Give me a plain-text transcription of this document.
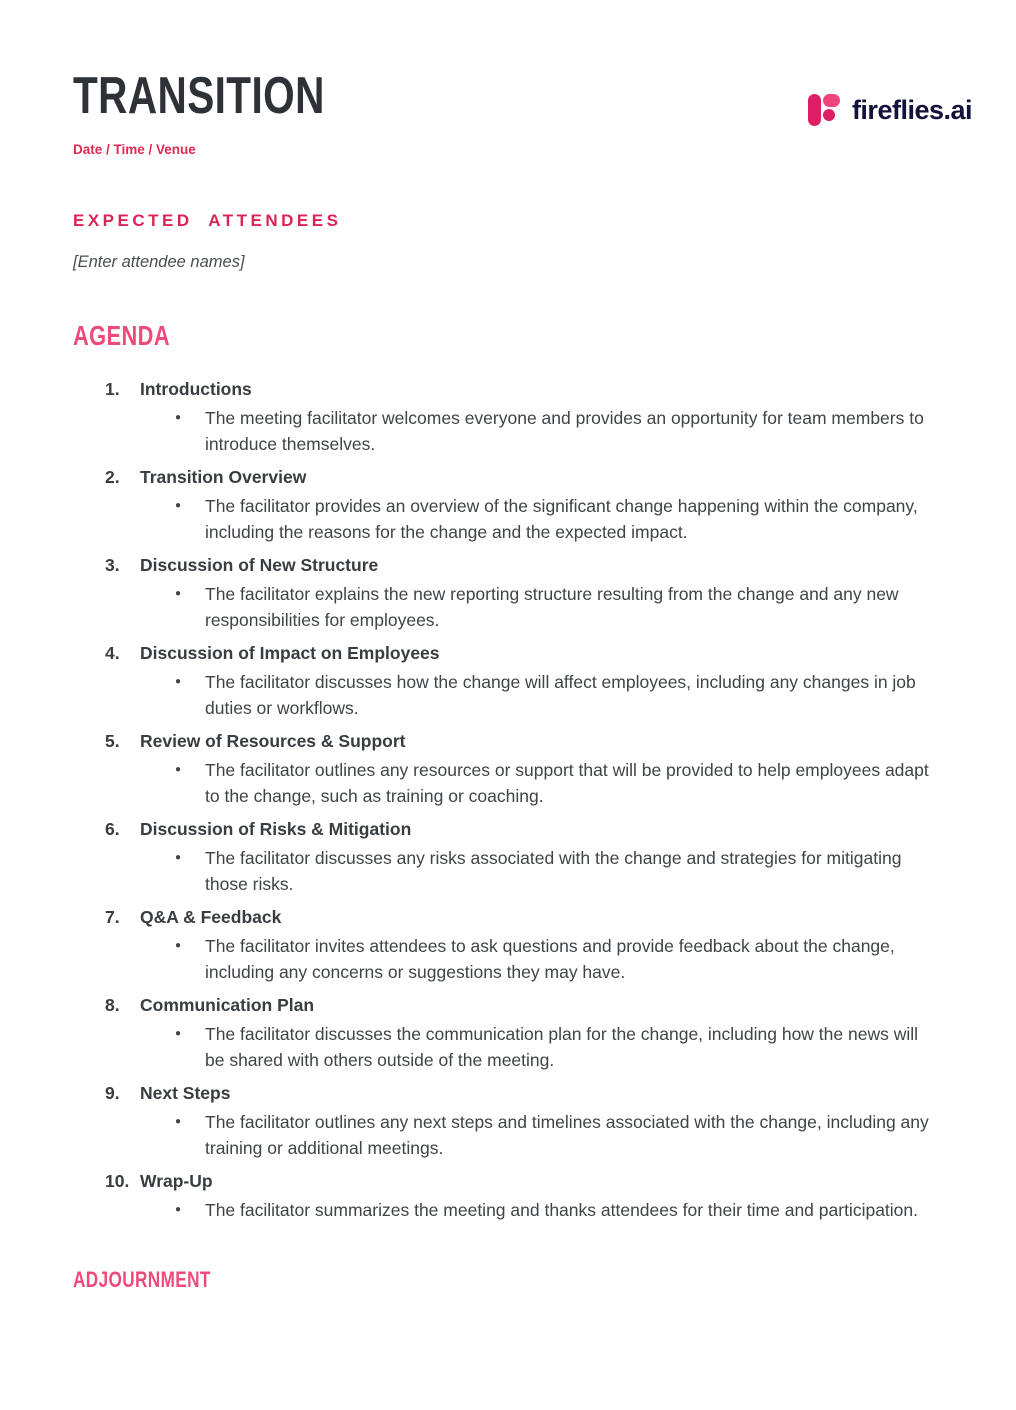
fireflies.ai
TRANSITION
Date / Time / Venue
EXPECTED ATTENDEES
[Enter attendee names]
AGENDA
1.	Introductions
●	The meeting facilitator welcomes everyone and provides an opportunity for team members to introduce themselves.
2.	Transition Overview
●	The facilitator provides an overview of the significant change happening within the company, including the reasons for the change and the expected impact.
3.	Discussion of New Structure
●	The facilitator explains the new reporting structure resulting from the change and any new responsibilities for employees.
4.	Discussion of Impact on Employees
●	The facilitator discusses how the change will affect employees, including any changes in job duties or workflows.
5.	Review of Resources & Support
●	The facilitator outlines any resources or support that will be provided to help employees adapt to the change, such as training or coaching.
6.	Discussion of Risks & Mitigation
●	The facilitator discusses any risks associated with the change and strategies for mitigating those risks.
7.	Q&A & Feedback
●	The facilitator invites attendees to ask questions and provide feedback about the change, including any concerns or suggestions they may have.
8.	Communication Plan
●	The facilitator discusses the communication plan for the change, including how the news will be shared with others outside of the meeting.
9.	Next Steps
●	The facilitator outlines any next steps and timelines associated with the change, including any training or additional meetings.
10. Wrap-Up
●	The facilitator summarizes the meeting and thanks attendees for their time and participation.
ADJOURNMENT
